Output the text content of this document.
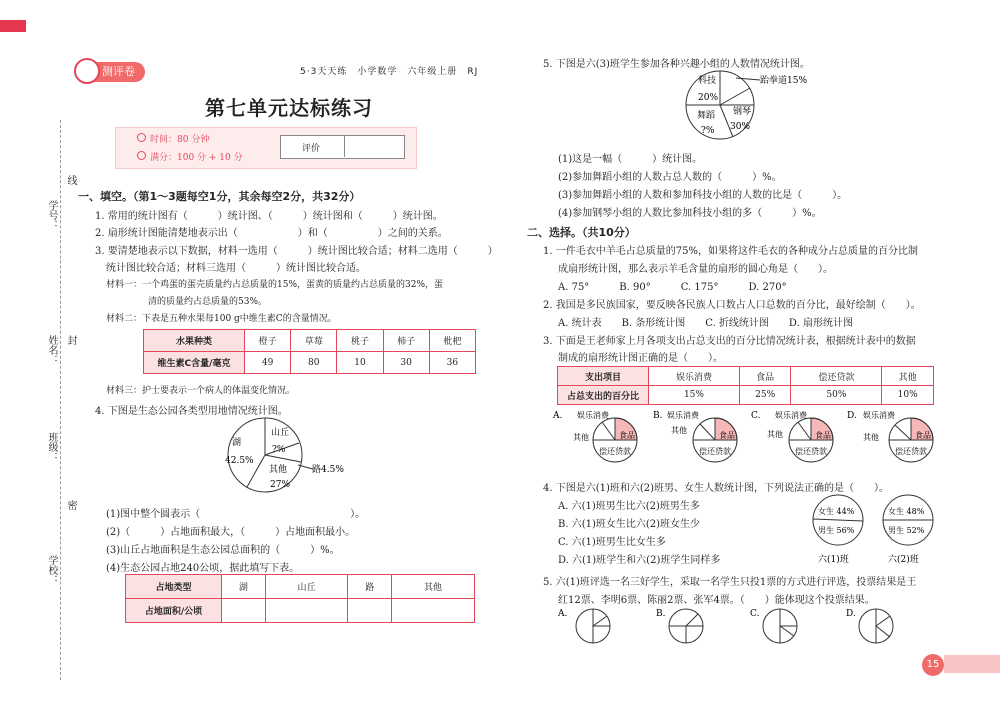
15
学号：
线
姓名： 封
班级：
密
学校：
测评卷	5·3天天练　小学数学　六年级上册　RJ
第七单元达标练习
时间：80 分钟
满分：100 分 + 10 分
评价
一、填空。（第1～3题每空1分，其余每空2分，共32分）
1. 常用的统计图有（　　　）统计图、（　　　）统计图和（　　　）统计图。
2. 扇形统计图能清楚地表示出（　　　　　　）和（　　　　　）之间的关系。
3. 要清楚地表示以下数据，材料一选用（　　　）统计图比较合适；材料二选用（　　　）
统计图比较合适；材料三选用（　　　）统计图比较合适。
材料一：一个鸡蛋的蛋壳质量约占总质量的15%，蛋黄的质量约占总质量的32%，蛋
清的质量约占总质量的53%。
材料二：下表是五种水果每100 g中维生素C的含量情况。
水果种类	橙子	草莓	桃子	柿子	枇杷
维生素C含量/毫克	49	80	10	30	36
材料三：护士要表示一个病人的体温变化情况。
4. 下图是生态公园各类型用地情况统计图。
湖
42.5%
山丘
?%
路4.5%
其他
27%
(1)图中整个圆表示（　　　　　　　　　　　　　　　）。
(2)（　　　）占地面积最大，（　　　）占地面积最小。
(3)山丘占地面积是生态公园总面积的（　　　）%。
(4)生态公园占地240公顷，据此填写下表。
占地类型	湖	山丘	路	其他
占地面积/公顷				
5. 下图是六(3)班学生参加各种兴趣小组的人数情况统计图。
科技
20%
跆拳道15%
钢琴
30%
舞蹈
?%
(1)这是一幅（　　　）统计图。
(2)参加舞蹈小组的人数占总人数的（　　　）%。
(3)参加舞蹈小组的人数和参加科技小组的人数的比是（　　　）。
(4)参加钢琴小组的人数比参加科技小组的多（　　　）%。
二、选择。（共10分）
1. 一件毛衣中羊毛占总质量的75%，如果将这件毛衣的各种成分占总质量的百分比制
成扇形统计图，那么表示羊毛含量的扇形的圆心角是（　　）。
A. 75°　　　B. 90°　　　C. 175°　　　D. 270°
2. 我国是多民族国家，要反映各民族人口数占人口总数的百分比，最好绘制（　　）。
A. 统计表　　B. 条形统计图　　C. 折线统计图　　D. 扇形统计图
3. 下面是王老师家上月各项支出占总支出的百分比情况统计表，根据统计表中的数据
制成的扇形统计图正确的是（　　）。
支出项目	娱乐消费	食品	偿还贷款	其他
占总支出的百分比	15%	25%	50%	10%
A. 娱乐消费
其他	食品
偿还贷款
B. 娱乐消费
其他
食品
偿还贷款
C. 娱乐消费
其他	食品
偿还贷款
D. 娱乐消费
其他	食品
偿还贷款
4. 下图是六(1)班和六(2)班男、女生人数统计图，下列说法正确的是（　　）。
A. 六(1)班男生比六(2)班男生多
B. 六(1)班女生比六(2)班女生少
C. 六(1)班男生比女生多
D. 六(1)班学生和六(2)班学生同样多
女生 44%
男生 56%
六(1)班
女生 48%
男生 52%
六(2)班
5. 六(1)班评选一名三好学生，采取一名学生只投1票的方式进行评选，投票结果是王
红12票、李明6票、陈丽2票、张军4票。（　　）能体现这个投票结果。
A.	B.	C.	D.
